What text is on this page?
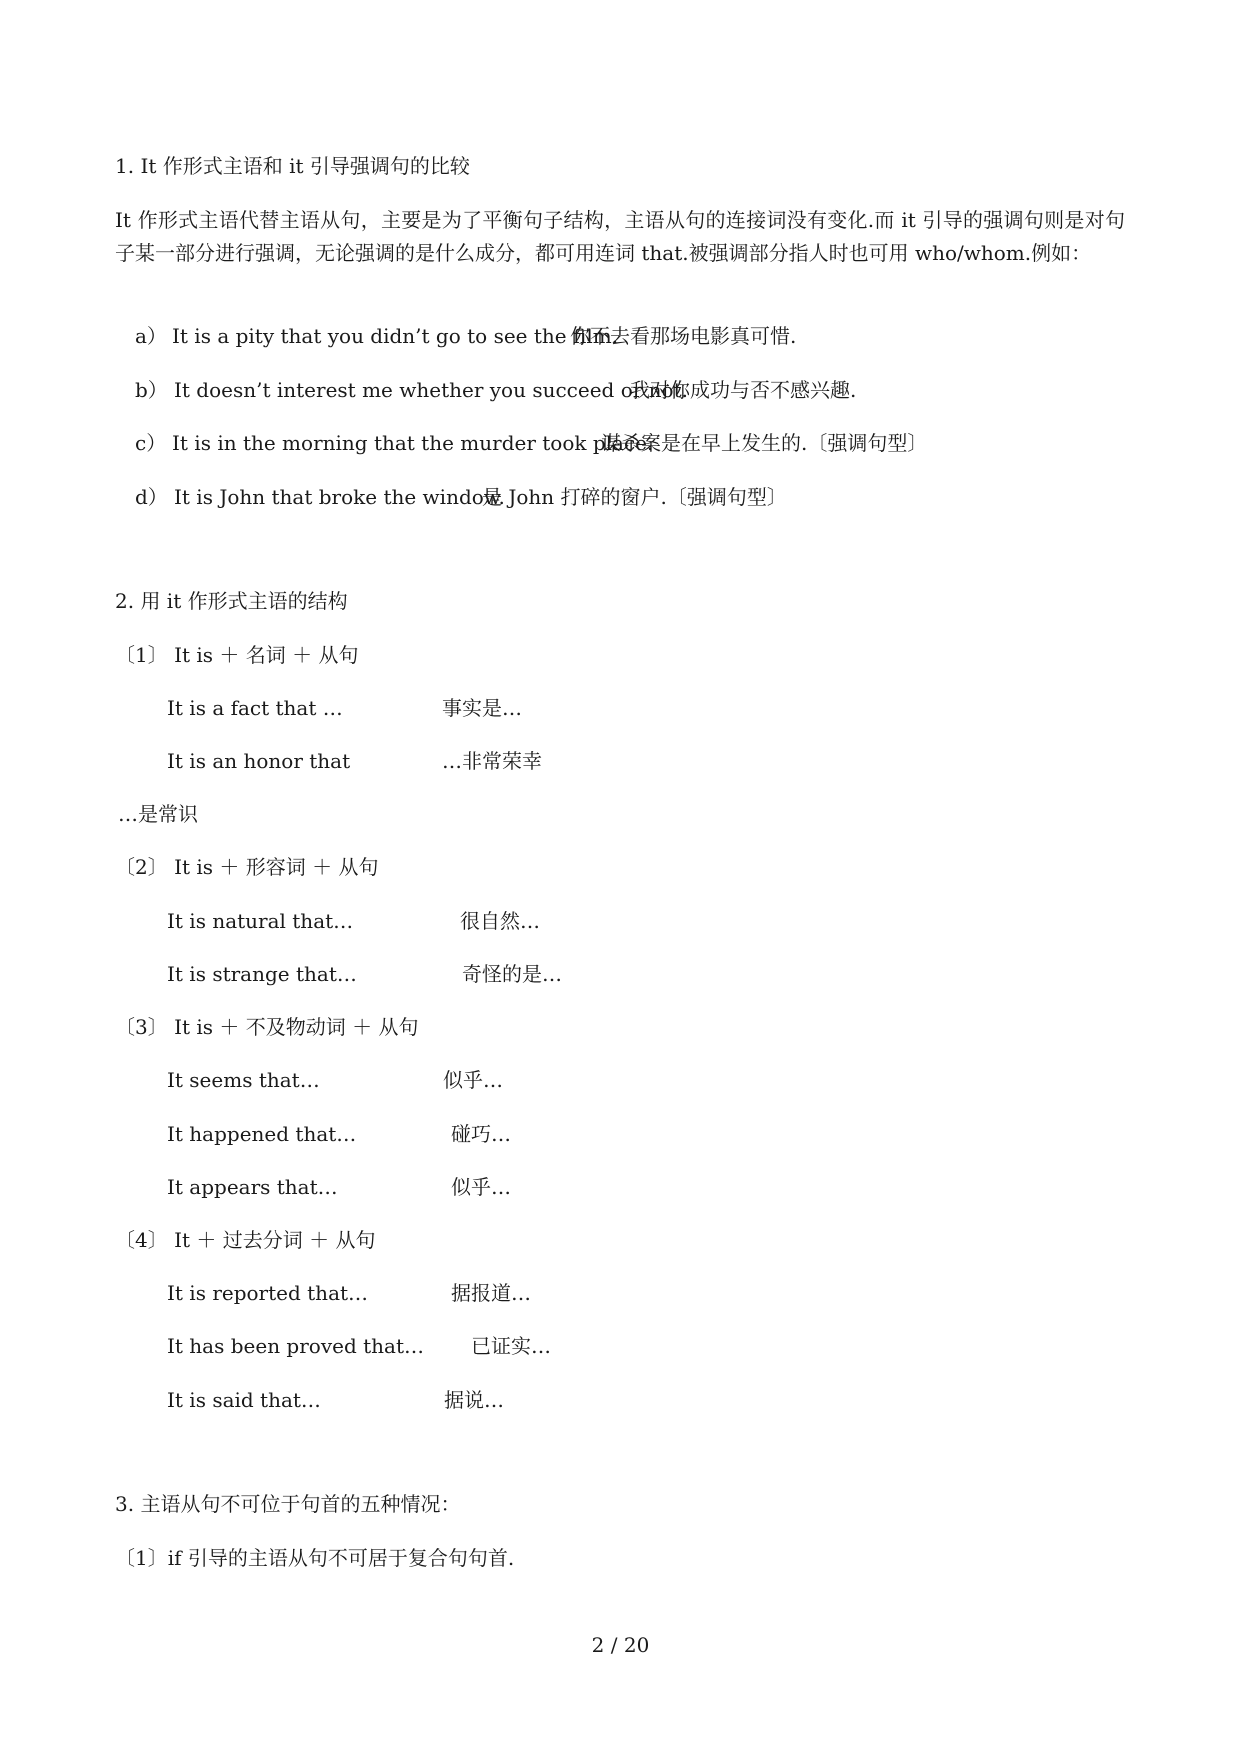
1. It 作形式主语和 it 引导强调句的比较
It 作形式主语代替主语从句，主要是为了平衡句子结构，主语从句的连接词没有变化.而 it 引导的强调句则是对句子某一部分进行强调，无论强调的是什么成分，都可用连词 that.被强调部分指人时也可用 who/whom.例如：
a） It is a pity that you didn’t go to see the film.
你不去看那场电影真可惜.
b） It doesn’t interest me whether you succeed or not.
我对你成功与否不感兴趣.
c） It is in the morning that the murder took place.
谋杀案是在早上发生的.〔强调句型〕
d） It is John that broke the window.
是 John 打碎的窗户.〔强调句型〕
2. 用 it 作形式主语的结构
〔1〕 It is ＋ 名词 ＋ 从句
It is a fact that …	事实是…
It is an honor that	…非常荣幸
…是常识
〔2〕 It is ＋ 形容词 ＋ 从句
It is natural that…	很自然…
It is strange that…	奇怪的是…
〔3〕 It is ＋ 不及物动词 ＋ 从句
It seems that…	似乎…
It happened that…	碰巧…
It appears that…	似乎…
〔4〕 It ＋ 过去分词 ＋ 从句
It is reported that…	据报道…
It has been proved that… 已证实…
It is said that…	据说…
3. 主语从句不可位于句首的五种情况：
〔1〕if 引导的主语从句不可居于复合句句首.
2 / 20
